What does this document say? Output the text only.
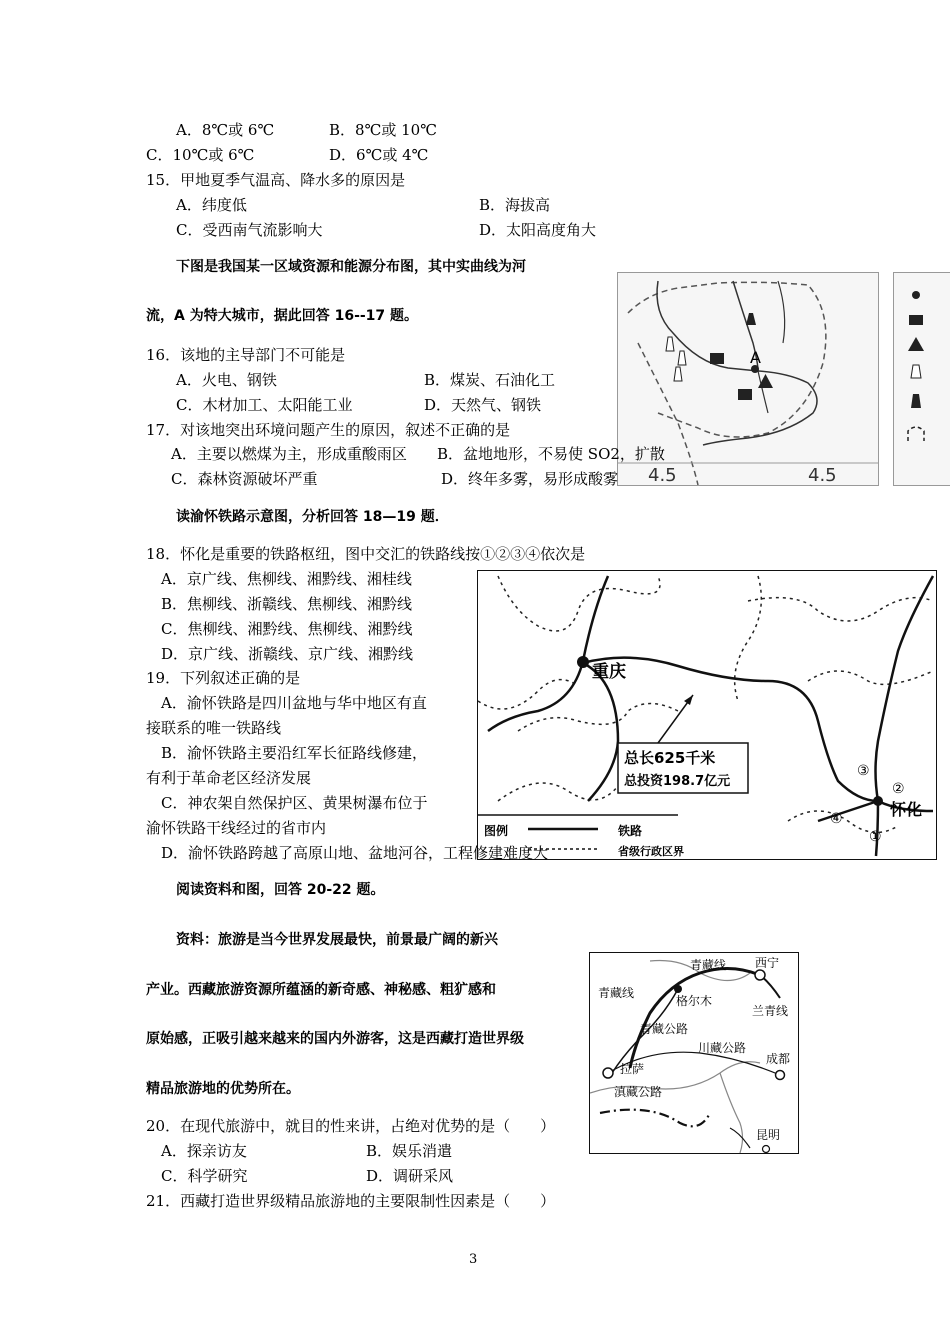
A．8℃或 6℃	B．8℃或 10℃
C．10℃或 6℃	D．6℃或 4℃
15．甲地夏季气温高、降水多的原因是
A．纬度低	B．海拔高
C．受西南气流影响大	D．太阳高度角大
下图是我国某一区域资源和能源分布图，其中实曲线为河
流，A 为特大城市，据此回答 16--17 题。
A
4.5	4.5
16．该地的主导部门不可能是
A．火电、钢铁	B．煤炭、石油化工
C．木材加工、太阳能工业	D．天然气、钢铁
17．对该地突出环境问题产生的原因，叙述不正确的是
A．主要以燃煤为主，形成重酸雨区 B．盆地地形，不易使 SO2，扩散
C．森林资源破坏严重	D．终年多雾，易形成酸雾
读渝怀铁路示意图，分析回答 18—19 题．
18．怀化是重要的铁路枢纽，图中交汇的铁路线按①②③④依次是
A．京广线、焦柳线、湘黔线、湘桂线
B．焦柳线、浙赣线、焦柳线、湘黔线
C．焦柳线、湘黔线、焦柳线、湘黔线
D．京广线、浙赣线、京广线、湘黔线
19．下列叙述正确的是
A．渝怀铁路是四川盆地与华中地区有直
接联系的唯一铁路线
B．渝怀铁路主要沿红军长征路线修建，
有利于革命老区经济发展
C．神农架自然保护区、黄果树瀑布位于
渝怀铁路干线经过的省市内
总长625千米
总投资198.7亿元
重庆
怀化
①
②
③
④
图例	铁路
省级行政区界
D．渝怀铁路跨越了高原山地、盆地河谷，工程修建难度大
阅读资料和图，回答 20-22 题。
资料：旅游是当今世界发展最快，前景最广阔的新兴
产业。西藏旅游资源所蕴涵的新奇感、神秘感、粗犷感和
原始感，正吸引越来越来的国内外游客，这是西藏打造世界级
精品旅游地的优势所在。
青藏线 西宁
青藏线
格尔木
兰青线
青藏公路
川藏公路
成都
拉萨
滇藏公路
昆明
20．在现代旅游中，就目的性来讲，占绝对优势的是（　　）
A．探亲访友	B．娱乐消遣
C．科学研究	D．调研采风
21．西藏打造世界级精品旅游地的主要限制性因素是（　　）
3
